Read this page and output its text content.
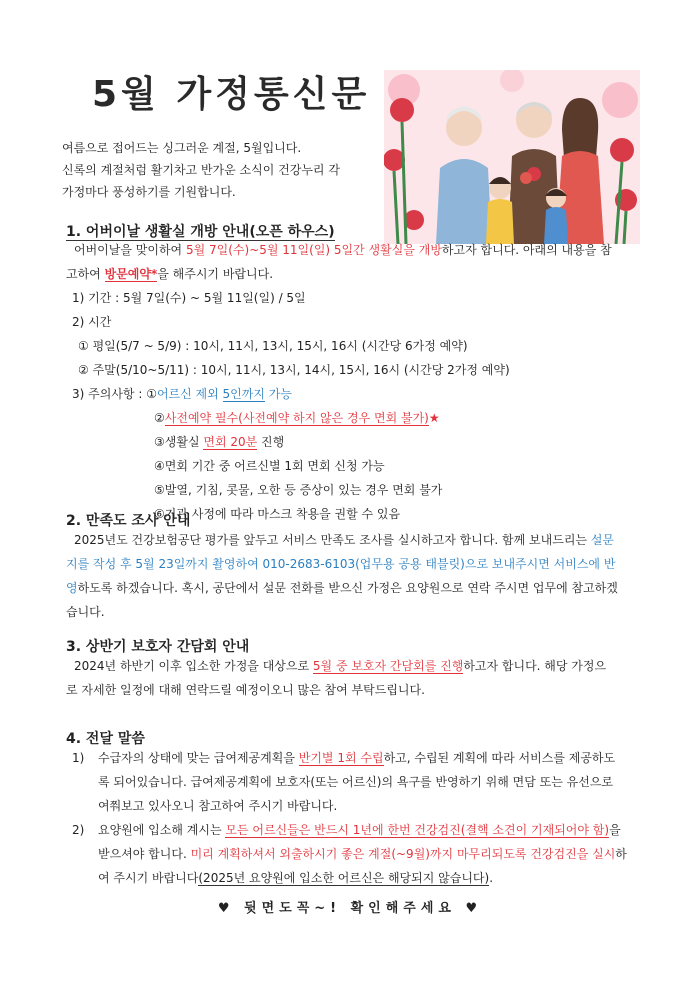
5월 가정통신문
여름으로 접어드는 싱그러운 계절, 5월입니다.
신록의 계절처럼 활기차고 반가운 소식이 건강누리 각
가정마다 풍성하기를 기원합니다.
1. 어버이날 생활실 개방 안내(오픈 하우스)
어버이날을 맞이하여 5월 7일(수)~5월 11일(일) 5일간 생활실을 개방하고자 합니다. 아래의 내용을 참
고하여 방문예약*을 해주시기 바랍니다.
1) 기간 : 5월 7일(수) ~ 5월 11일(일) / 5일
2) 시간
① 평일(5/7 ~ 5/9) : 10시, 11시, 13시, 15시, 16시 (시간당 6가정 예약)
② 주말(5/10~5/11) : 10시, 11시, 13시, 14시, 15시, 16시 (시간당 2가정 예약)
3) 주의사항 : ①어르신 제외 5인까지 가능
②사전예약 필수(사전예약 하지 않은 경우 면회 불가)★
③생활실 면회 20분 진행
④면회 기간 중 어르신별 1회 면회 신청 가능
⑤발열, 기침, 콧물, 오한 등 증상이 있는 경우 면회 불가
⑥기관 사정에 따라 마스크 착용을 권할 수 있음
2. 만족도 조사 안내
2025년도 건강보험공단 평가를 앞두고 서비스 만족도 조사를 실시하고자 합니다. 함께 보내드리는 설문
지를 작성 후 5월 23일까지 촬영하여 010-2683-6103(업무용 공용 태블릿)으로 보내주시면 서비스에 반
영하도록 하겠습니다. 혹시, 공단에서 설문 전화를 받으신 가정은 요양원으로 연락 주시면 업무에 참고하겠
습니다.
3. 상반기 보호자 간담회 안내
2024년 하반기 이후 입소한 가정을 대상으로 5월 중 보호자 간담회를 진행하고자 합니다. 해당 가정으
로 자세한 일정에 대해 연락드릴 예정이오니 많은 참여 부탁드립니다.
4. 전달 말씀
1) 수급자의 상태에 맞는 급여제공계획을 반기별 1회 수립하고, 수립된 계획에 따라 서비스를 제공하도
록 되어있습니다. 급여제공계획에 보호자(또는 어르신)의 욕구를 반영하기 위해 면담 또는 유선으로
여쭤보고 있사오니 참고하여 주시기 바랍니다.
2) 요양원에 입소해 계시는 모든 어르신들은 반드시 1년에 한번 건강검진(결핵 소견이 기재되어야 함)을
받으셔야 합니다. 미리 계획하셔서 외출하시기 좋은 계절(~9월)까지 마무리되도록 건강검진을 실시하
여 주시기 바랍니다(2025년 요양원에 입소한 어르신은 해당되지 않습니다).
♥ 뒷면도꼭~! 확인해주세요 ♥
